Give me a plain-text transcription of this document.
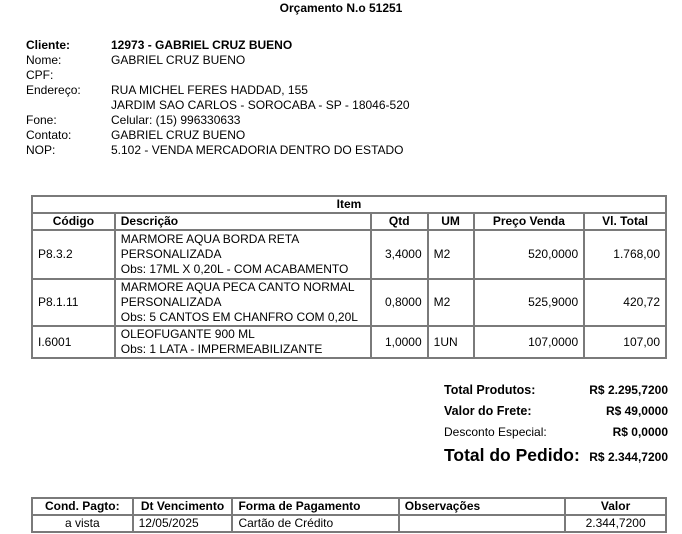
Orçamento N.o 51251
Cliente:	12973 - GABRIEL CRUZ BUENO
Nome:	GABRIEL CRUZ BUENO
CPF:
Endereço:	RUA MICHEL FERES HADDAD, 155
JARDIM SAO CARLOS - SOROCABA - SP - 18046-520
Fone:	Celular: (15) 996330633
Contato:	GABRIEL CRUZ BUENO
NOP:	5.102 - VENDA MERCADORIA DENTRO DO ESTADO
Item					
Código	Descrição	Qtd	UM	Preço Venda	Vl. Total
P8.3.2	MARMORE AQUA BORDA RETA
PERSONALIZADA
Obs: 17ML X 0,20L - COM ACABAMENTO	3,4000	M2	520,0000	1.768,00
P8.1.11	MARMORE AQUA PECA CANTO NORMAL
PERSONALIZADA
Obs: 5 CANTOS EM CHANFRO COM 0,20L	0,8000	M2	525,9000	420,72
I.6001	OLEOFUGANTE 900 ML
Obs: 1 LATA - IMPERMEABILIZANTE	1,0000	1UN	107,0000	107,00
Total Produtos:	R$ 2.295,7200
Valor do Frete:	R$ 49,0000
Desconto Especial:	R$ 0,0000
Total do Pedido: R$ 2.344,7200
Cond. Pagto:	Dt Vencimento	Forma de Pagamento	Observações	Valor
a vista	12/05/2025	Cartão de Crédito		2.344,7200
